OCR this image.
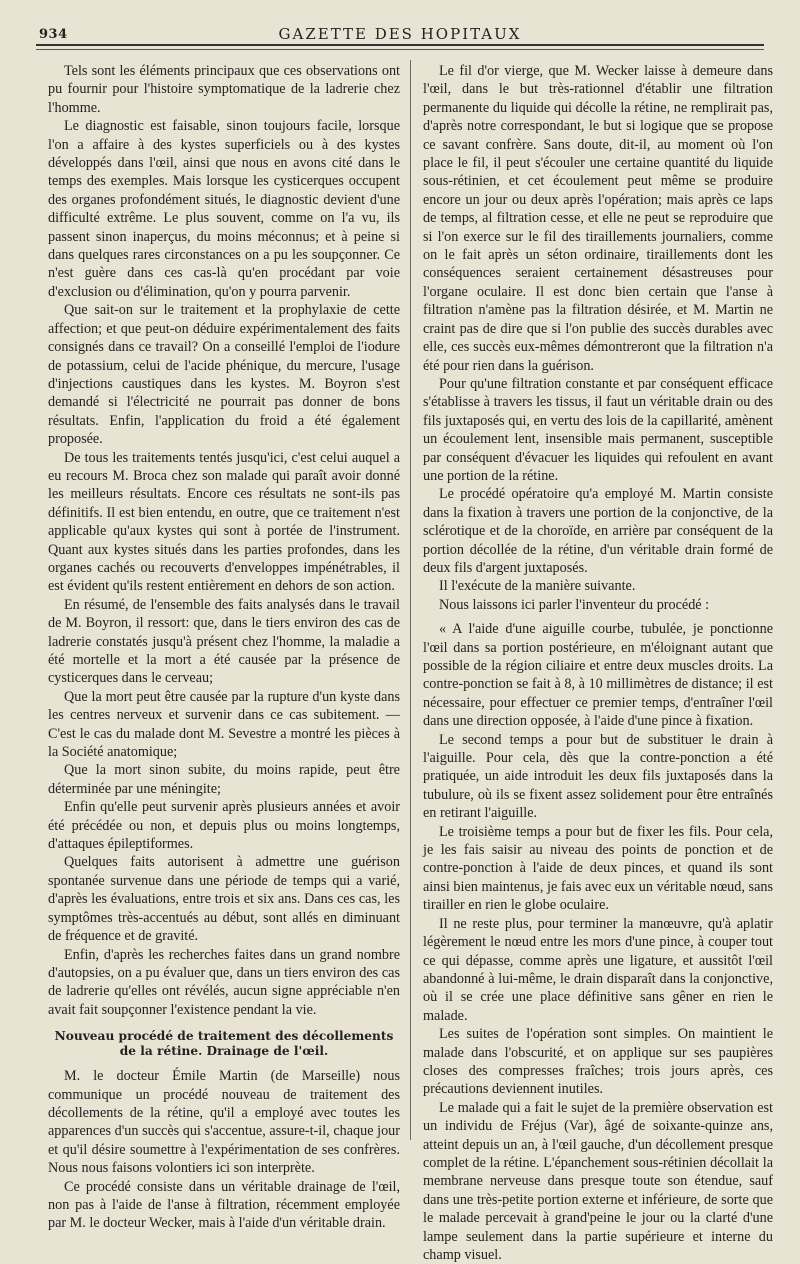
934	GAZETTE DES HOPITAUX

Tels sont les éléments principaux que ces observations ont pu fournir pour l'histoire symptomatique de la ladrerie chez l'homme.

Le diagnostic est faisable, sinon toujours facile, lorsque l'on a affaire à des kystes superficiels ou à des kystes développés dans l'œil, ainsi que nous en avons cité dans le temps des exemples. Mais lorsque les cysticerques occupent des organes profondément situés, le diagnostic devient d'une difficulté extrême. Le plus souvent, comme on l'a vu, ils passent sinon inaperçus, du moins méconnus; et à peine si dans quelques rares circonstances on a pu les soupçonner. Ce n'est guère dans ces cas-là qu'en procédant par voie d'exclusion ou d'élimination, qu'on y pourra parvenir.

Que sait-on sur le traitement et la prophylaxie de cette affection; et que peut-on déduire expérimentalement des faits consignés dans ce travail? On a conseillé l'emploi de l'iodure de potassium, celui de l'acide phénique, du mercure, l'usage d'injections caustiques dans les kystes. M. Boyron s'est demandé si l'électricité ne pourrait pas donner de bons résultats. Enfin, l'application du froid a été également proposée.

De tous les traitements tentés jusqu'ici, c'est celui auquel a eu recours M. Broca chez son malade qui paraît avoir donné les meilleurs résultats. Encore ces résultats ne sont-ils pas définitifs. Il est bien entendu, en outre, que ce traitement n'est applicable qu'aux kystes qui sont à portée de l'instrument. Quant aux kystes situés dans les parties profondes, dans les organes cachés ou recouverts d'enveloppes impénétrables, il est évident qu'ils restent entièrement en dehors de son action.

En résumé, de l'ensemble des faits analysés dans le travail de M. Boyron, il ressort: que, dans le tiers environ des cas de ladrerie constatés jusqu'à présent chez l'homme, la maladie a été mortelle et la mort a été causée par la présence de cysticerques dans le cerveau;

Que la mort peut être causée par la rupture d'un kyste dans les centres nerveux et survenir dans ce cas subitement. — C'est le cas du malade dont M. Sevestre a montré les pièces à la Société anatomique;

Que la mort sinon subite, du moins rapide, peut être déterminée par une méningite;

Enfin qu'elle peut survenir après plusieurs années et avoir été précédée ou non, et depuis plus ou moins longtemps, d'attaques épileptiformes.

Quelques faits autorisent à admettre une guérison spontanée survenue dans une période de temps qui a varié, d'après les évaluations, entre trois et six ans. Dans ces cas, les symptômes très-accentués au début, sont allés en diminuant de fréquence et de gravité.

Enfin, d'après les recherches faites dans un grand nombre d'autopsies, on a pu évaluer que, dans un tiers environ des cas de ladrerie qu'elles ont révélés, aucun signe appréciable n'en avait fait soupçonner l'existence pendant la vie.

Nouveau procédé de traitement des décollements
de la rétine. Drainage de l'œil.

M. le docteur Émile Martin (de Marseille) nous communique un procédé nouveau de traitement des décollements de la rétine, qu'il a employé avec toutes les apparences d'un succès qui s'accentue, assure-t-il, chaque jour et qu'il désire soumettre à l'expérimentation de ses confrères. Nous nous faisons volontiers ici son interprète.

Ce procédé consiste dans un véritable drainage de l'œil, non pas à l'aide de l'anse à filtration, récemment employée par M. le docteur Wecker, mais à l'aide d'un véritable drain.

Le fil d'or vierge, que M. Wecker laisse à demeure dans l'œil, dans le but très-rationnel d'établir une filtration permanente du liquide qui décolle la rétine, ne remplirait pas, d'après notre correspondant, le but si logique que se propose ce savant confrère. Sans doute, dit-il, au moment où l'on place le fil, il peut s'écouler une certaine quantité du liquide sous-rétinien, et cet écoulement peut même se produire encore un jour ou deux après l'opération; mais après ce laps de temps, al filtration cesse, et elle ne peut se reproduire que si l'on exerce sur le fil des tiraillements journaliers, comme on le fait après un séton ordinaire, tiraillements dont les conséquences seraient certainement désastreuses pour l'organe oculaire. Il est donc bien certain que l'anse à filtration n'amène pas la filtration désirée, et M. Martin ne craint pas de dire que si l'on publie des succès durables avec elle, ces succès eux-mêmes démontreront que la filtration n'a été pour rien dans la guérison.

Pour qu'une filtration constante et par conséquent efficace s'établisse à travers les tissus, il faut un véritable drain ou des fils juxtaposés qui, en vertu des lois de la capillarité, amènent un écoulement lent, insensible mais permanent, susceptible par conséquent d'évacuer les liquides qui refoulent en avant une portion de la rétine.

Le procédé opératoire qu'a employé M. Martin consiste dans la fixation à travers une portion de la conjonctive, de la sclérotique et de la choroïde, en arrière par conséquent de la portion décollée de la rétine, d'un véritable drain formé de deux fils d'argent juxtaposés.

Il l'exécute de la manière suivante.

Nous laissons ici parler l'inventeur du procédé :

« A l'aide d'une aiguille courbe, tubulée, je ponctionne l'œil dans sa portion postérieure, en m'éloignant autant que possible de la région ciliaire et entre deux muscles droits. La contre-ponction se fait à 8, à 10 millimètres de distance; il est nécessaire, pour effectuer ce premier temps, d'entraîner l'œil dans une direction opposée, à l'aide d'une pince à fixation.

Le second temps a pour but de substituer le drain à l'aiguille. Pour cela, dès que la contre-ponction a été pratiquée, un aide introduit les deux fils juxtaposés dans la tubulure, où ils se fixent assez solidement pour être entraînés en retirant l'aiguille.

Le troisième temps a pour but de fixer les fils. Pour cela, je les fais saisir au niveau des points de ponction et de contre-ponction à l'aide de deux pinces, et quand ils sont ainsi bien maintenus, je fais avec eux un véritable nœud, sans tirailler en rien le globe oculaire.

Il ne reste plus, pour terminer la manœuvre, qu'à aplatir légèrement le nœud entre les mors d'une pince, à couper tout ce qui dépasse, comme après une ligature, et aussitôt l'œil abandonné à lui-même, le drain disparaît dans la conjonctive, où il se crée une place définitive sans gêner en rien le malade.

Les suites de l'opération sont simples. On maintient le malade dans l'obscurité, et on applique sur ses paupières closes des compresses fraîches; trois jours après, ces précautions deviennent inutiles.

Le malade qui a fait le sujet de la première observation est un individu de Fréjus (Var), âgé de soixante-quinze ans, atteint depuis un an, à l'œil gauche, d'un décollement presque complet de la rétine. L'épanchement sous-rétinien décollait la membrane nerveuse dans presque toute son étendue, sauf dans une très-petite portion externe et inférieure, de sorte que le malade percevait à grand'peine le jour ou la clarté d'une lampe seulement dans la partie supérieure et interne du champ visuel.
